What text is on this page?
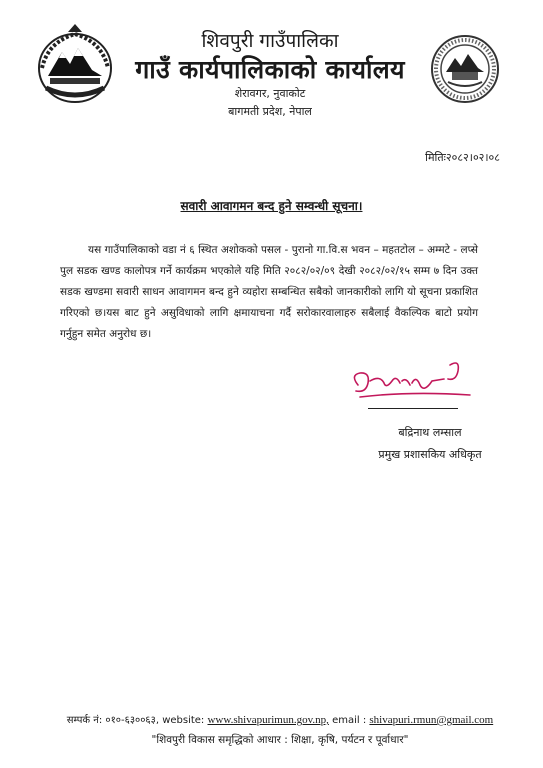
शिवपुरी गाउँपालिका
गाउँ कार्यपालिकाको कार्यालय
शेरावगर, नुवाकोट
बागमती प्रदेश, नेपाल
मितिः२०८२।०२।०८
सवारी आवागमन बन्द हुने सम्वन्धी सूचना।

यस गाउँपालिकाको वडा नं ६ स्थित अशोकको पसल - पुरानो गा.वि.स भवन – महतटोल – अम्मटे - लप्से पुल सडक खण्ड कालोपत्र गर्ने कार्यक्रम भएकोले यहि मिति २०८२/०२/०९ देखी २०८२/०२/१५ सम्म ७ दिन उक्त सडक खण्डमा सवारी साधन आवागमन बन्द हुने व्यहोरा सम्बन्धित सबैको जानकारीको लागि यो सूचना प्रकाशित गरिएको छ।यस बाट हुने असुविधाको लागि क्षमायाचना गर्दै सरोकारवालाहरु सबैलाई वैकल्पिक बाटो प्रयोग गर्नुहुन समेत अनुरोध छ।

बद्रिनाथ लम्साल
प्रमुख प्रशासकिय अधिकृत
सम्पर्क नं: ०१०-६३००६३, website: www.shivapurimun.gov.np, email : shivapuri.rmun@gmail.com
"शिवपुरी विकास समृद्धिको आधार : शिक्षा, कृषि, पर्यटन र पूर्वाधार"
